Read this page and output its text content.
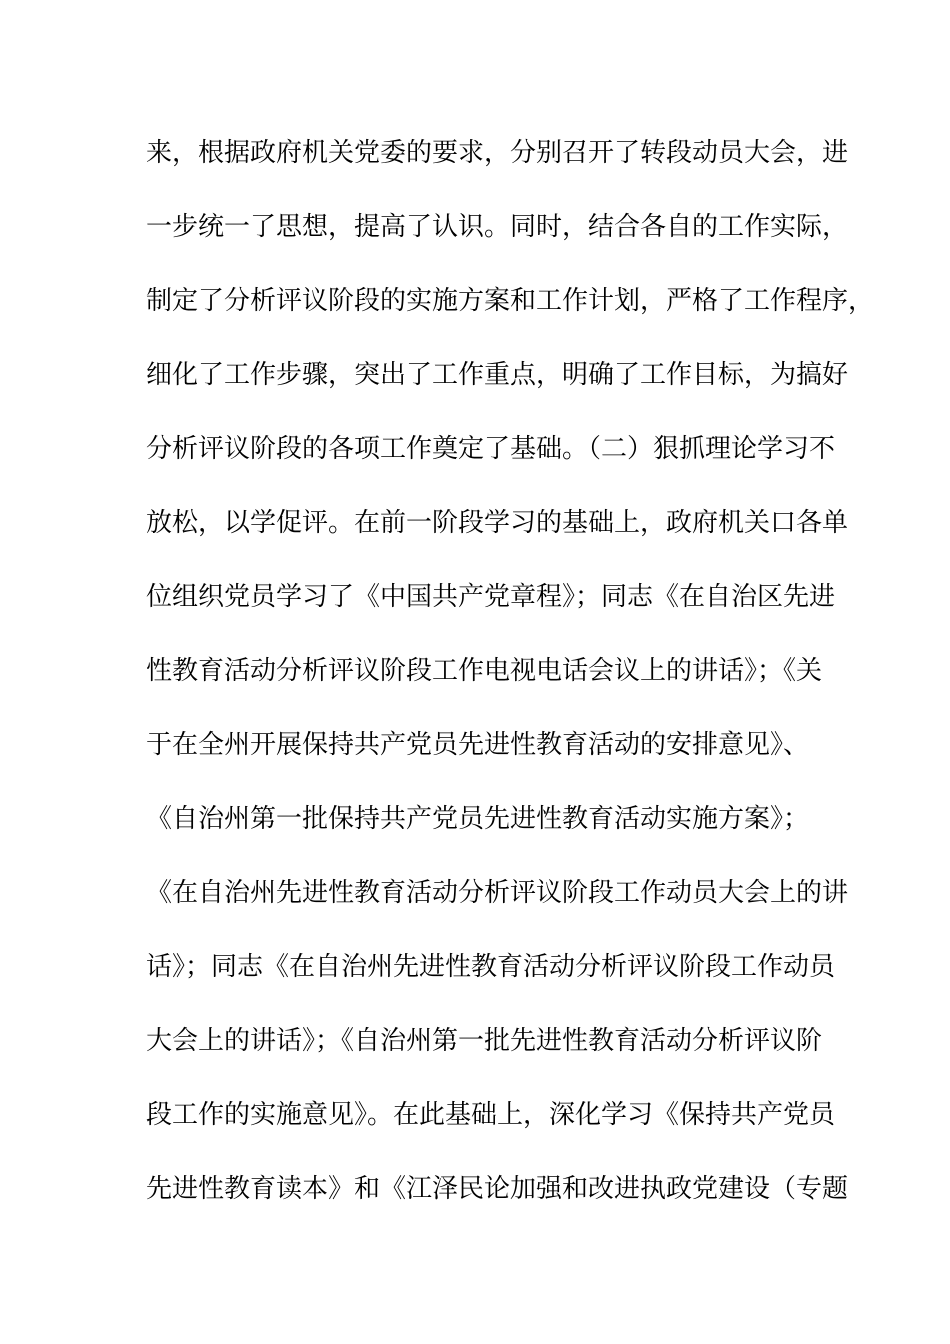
来，根据政府机关党委的要求，分别召开了转段动员大会，进
一步统一了思想，提高了认识。同时，结合各自的工作实际，
制定了分析评议阶段的实施方案和工作计划，严格了工作程序，
细化了工作步骤，突出了工作重点，明确了工作目标，为搞好
分析评议阶段的各项工作奠定了基础。（二）狠抓理论学习不
放松，以学促评。在前一阶段学习的基础上，政府机关口各单
位组织党员学习了《中国共产党章程》；同志《在自治区先进
性教育活动分析评议阶段工作电视电话会议上的讲话》；《关
于在全州开展保持共产党员先进性教育活动的安排意见》、
《自治州第一批保持共产党员先进性教育活动实施方案》；
《在自治州先进性教育活动分析评议阶段工作动员大会上的讲
话》；同志《在自治州先进性教育活动分析评议阶段工作动员
大会上的讲话》；《自治州第一批先进性教育活动分析评议阶
段工作的实施意见》。在此基础上，深化学习《保持共产党员
先进性教育读本》和《江泽民论加强和改进执政党建设（专题
